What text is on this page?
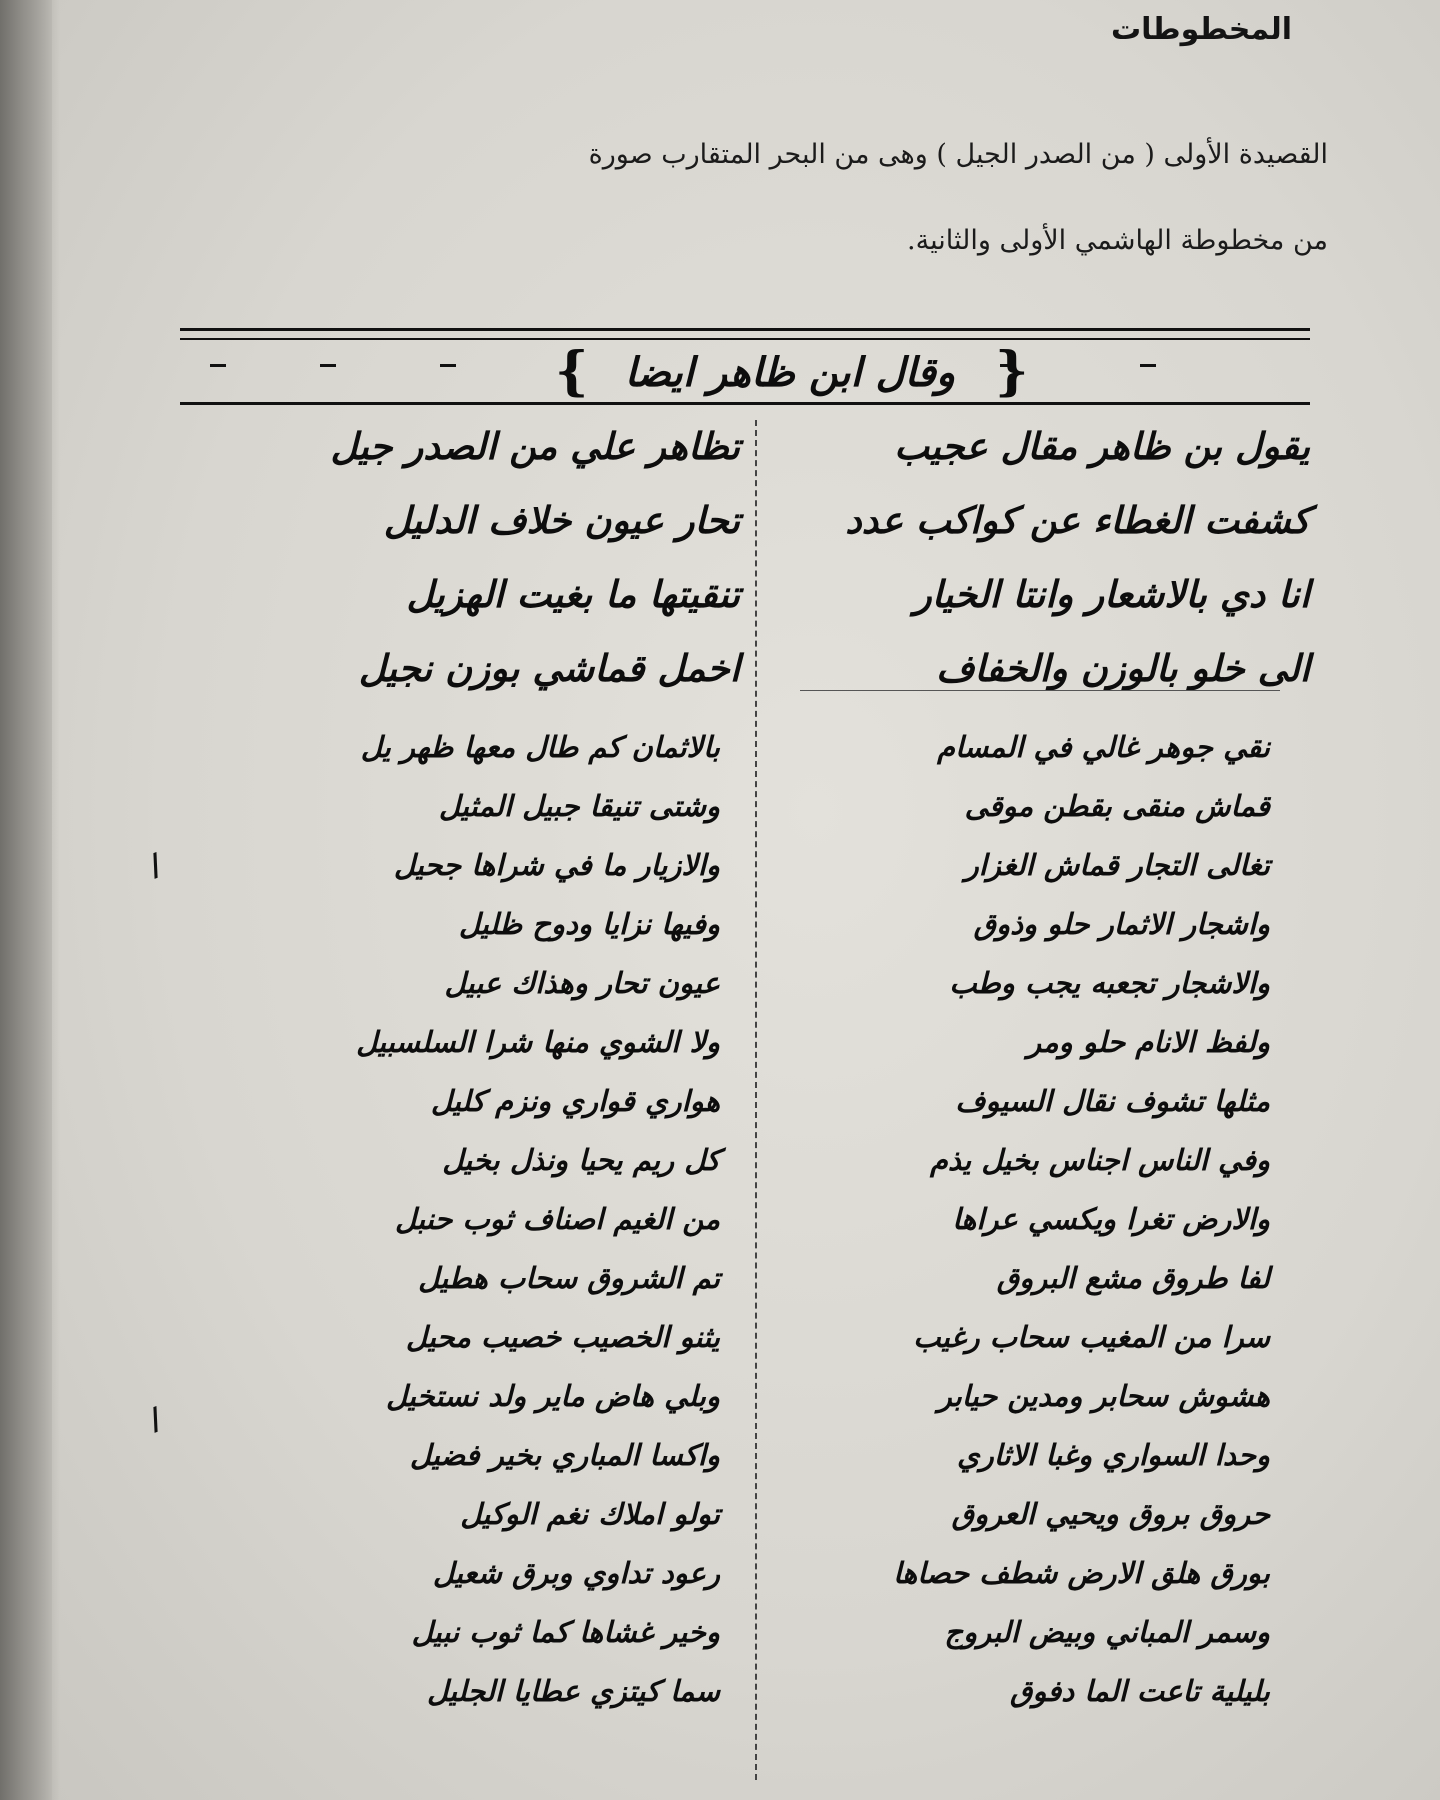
المخطوطات
القصيدة الأولى ( من الصدر الجيل ) وهى من البحر المتقارب صورة
من مخطوطة الهاشمي الأولى والثانية.
{ وقال ابن ظاهر ايضا }
يقول بن ظاهر مقال عجيب
كشفت الغطاء عن كواكب عدد
انا دي بالاشعار وانتا الخيار
الى خلو بالوزن والخفاف
تظاهر علي من الصدر جيل
تحار عيون خلاف الدليل
تنقيتها ما بغيت الهزيل
اخمل قماشي بوزن نجيل
نقي جوهر غالي في المسام
قماش منقى بقطن موقى
تغالى التجار قماش الغزار
واشجار الاثمار حلو وذوق
والاشجار تجعبه يجب وطب
ولفظ الانام حلو ومر
مثلها تشوف نقال السيوف
وفي الناس اجناس بخيل يذم
والارض تغرا ويكسي عراها
لفا طروق مشع البروق
سرا من المغيب سحاب رغيب
هشوش سحابر ومدين حيابر
وحدا السواري وغبا الاثاري
حروق بروق ويحيي العروق
بورق هلق الارض شطف حصاها
وسمر المباني وبيض البروج
بليلية تاعت الما دفوق
بالاثمان كم طال معها ظهر يل
وشتى تنيقا جبيل المثيل
والازيار ما في شراها جحيل
وفيها نزايا ودوح ظليل
عيون تحار وهذاك عبيل
ولا الشوي منها شرا السلسبيل
هواري قواري ونزم كليل
كل ريم يحيا ونذل بخيل
من الغيم اصناف ثوب حنبل
تم الشروق سحاب هطيل
يثنو الخصيب خصيب محيل
وبلي هاض ماير ولد نستخيل
واكسا المباري بخير فضيل
تولو املاك نغم الوكيل
رعود تداوي وبرق شعيل
وخير غشاها كما ثوب نبيل
سما كيتزي عطايا الجليل
/
/
